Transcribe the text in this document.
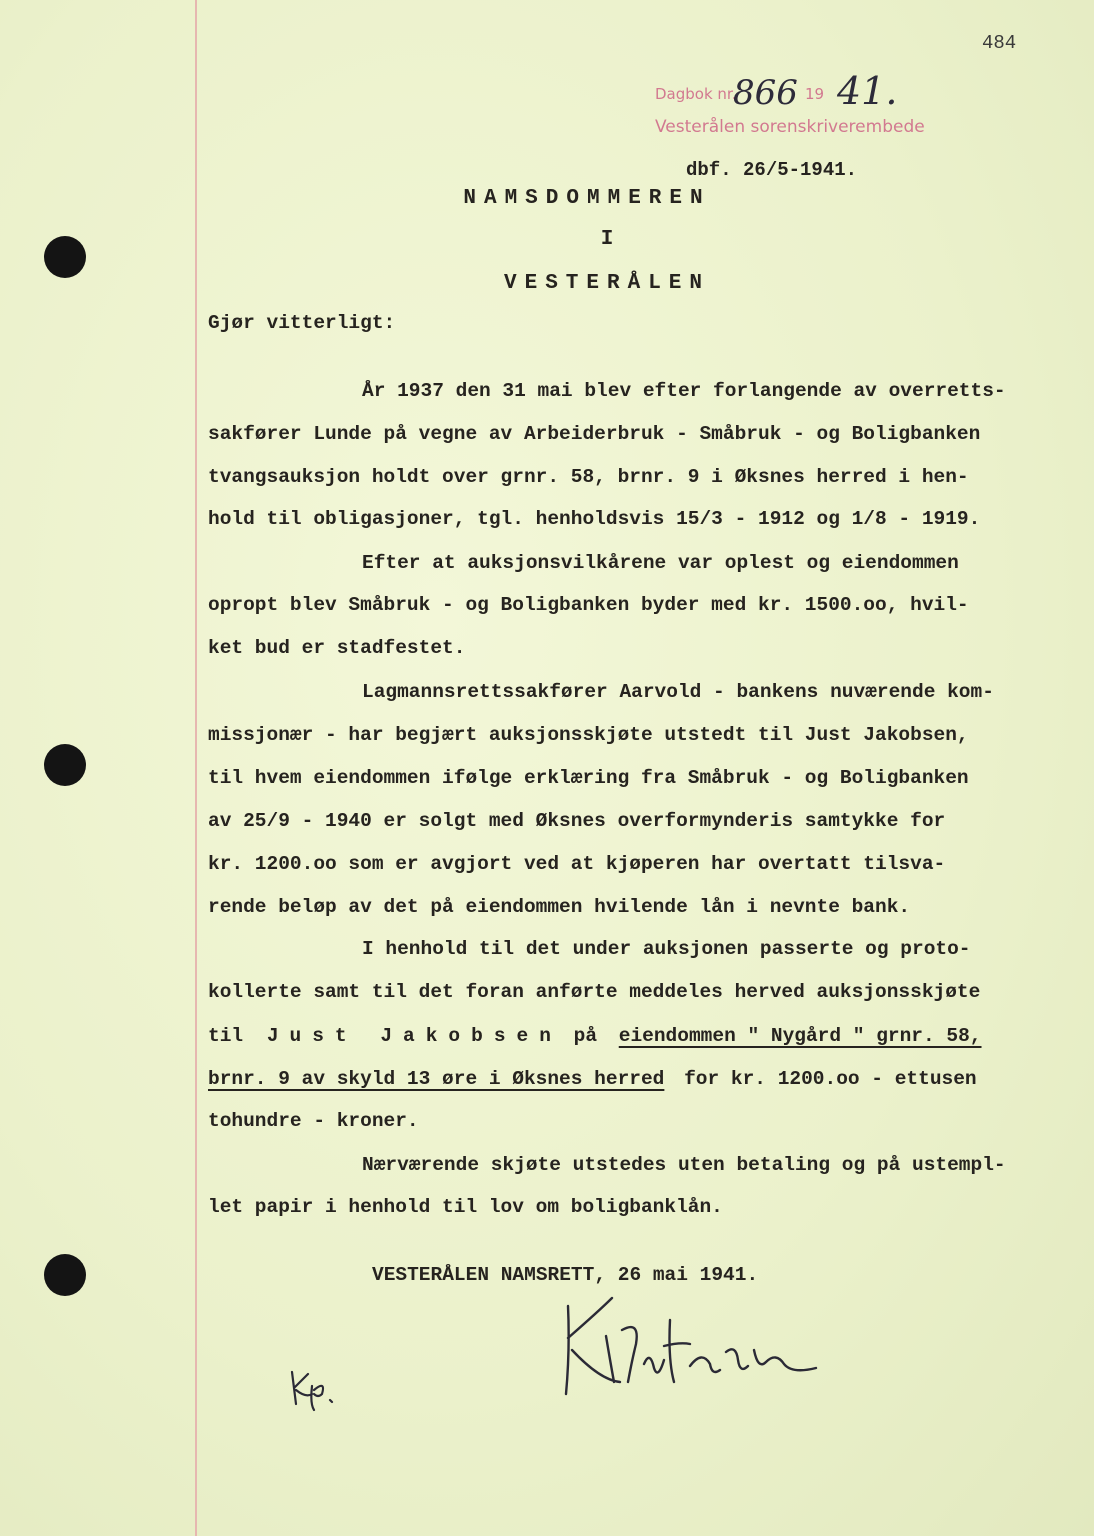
484
Dagbok nr.
866 19 41.
Vesterålen sorenskriverembede
dbf. 26/5-1941.
NAMSDOMMEREN
I
VESTERÅLEN
Gjør vitterligt:
År 1937 den 31 mai blev efter forlangende av overretts-
sakfører Lunde på vegne av Arbeiderbruk - Småbruk - og Boligbanken
tvangsauksjon holdt over grnr. 58, brnr. 9 i Øksnes herred i hen-
hold til obligasjoner, tgl. henholdsvis 15/3 - 1912 og 1/8 - 1919.
Efter at auksjonsvilkårene var oplest og eiendommen
opropt blev Småbruk - og Boligbanken byder med kr. 1500.oo, hvil-
ket bud er stadfestet.
Lagmannsrettssakfører Aarvold - bankens nuværende kom-
missjonær - har begjært auksjonsskjøte utstedt til Just Jakobsen,
til hvem eiendommen ifølge erklæring fra Småbruk - og Boligbanken
av 25/9 - 1940 er solgt med Øksnes overformynderis samtykke for
kr. 1200.oo som er avgjort ved at kjøperen har overtatt tilsva-
rende beløp av det på eiendommen hvilende lån i nevnte bank.
I henhold til det under auksjonen passerte og proto-
kollerte samt til det foran anførte meddeles herved auksjonsskjøte
til Just Jakobsen på eiendommen " Nygård " grnr. 58,
brnr. 9 av skyld 13 øre i Øksnes herred for kr. 1200.oo - ettusen
tohundre - kroner.
Nærværende skjøte utstedes uten betaling og på ustempl-
let papir i henhold til lov om boligbanklån.
VESTERÅLEN NAMSRETT, 26 mai 1941.
